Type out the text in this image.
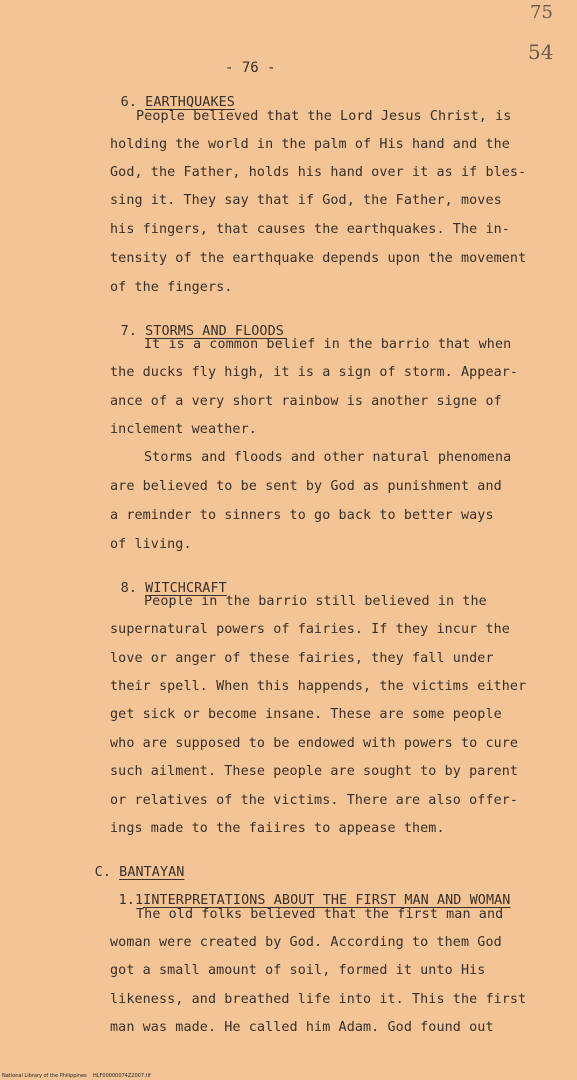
75
54
- 76 -

6. EARTHQUAKES

People believed that the Lord Jesus Christ, is
holding the world in the palm of His hand and the
God, the Father, holds his hand over it as if bles-
sing it. They say that if God, the Father, moves
his fingers, that causes the earthquakes. The in-
tensity of the earthquake depends upon the movement
of the fingers.

7. STORMS AND FLOODS

It is a common belief in the barrio that when
the ducks fly high, it is a sign of storm. Appear-
ance of a very short rainbow is another signe of
inclement weather.
Storms and floods and other natural phenomena
are believed to be sent by God as punishment and
a reminder to sinners to go back to better ways
of living.

8. WITCHCRAFT

People in the barrio still believed in the
supernatural powers of fairies. If they incur the
love or anger of these fairies, they fall under
their spell. When this happends, the victims either
get sick or become insane. These are some people
who are supposed to be endowed with powers to cure
such ailment. These people are sought to by parent
or relatives of the victims. There are also offer-
ings made to the faiires to appease them.

C. BANTAYAN

1.1INTERPRETATIONS ABOUT THE FIRST MAN AND WOMAN

The old folks believed that the first man and
woman were created by God. According to them God
got a small amount of soil, formed it unto His
likeness, and breathed life into it. This the first
man was made. He called him Adam. God found out
National Library of the Philippines    HLF00000074Z2007.tif
